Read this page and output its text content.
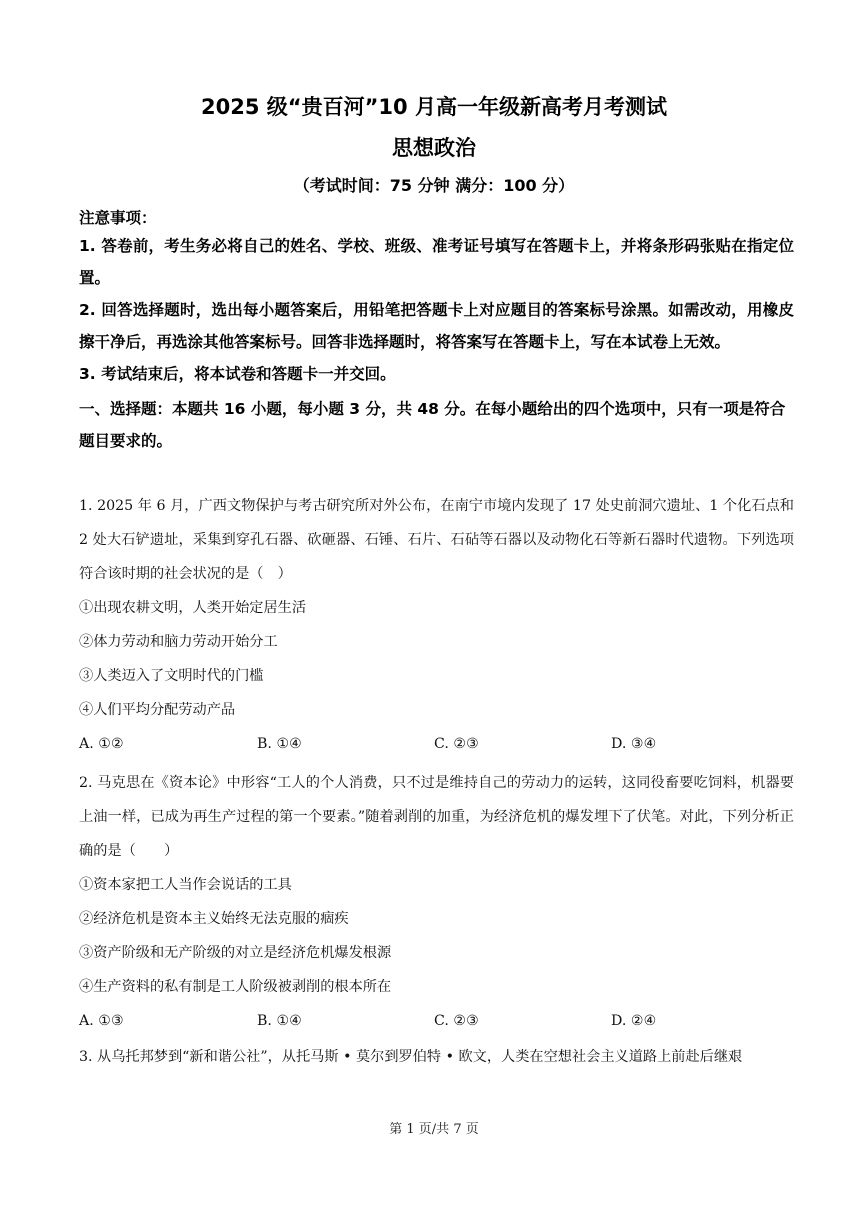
2025 级“贵百河”10 月高一年级新高考月考测试
思想政治
（考试时间：75 分钟 满分：100 分）
注意事项：

1. 答卷前，考生务必将自己的姓名、学校、班级、准考证号填写在答题卡上，并将条形码张贴在指定位置。

2. 回答选择题时，选出每小题答案后，用铅笔把答题卡上对应题目的答案标号涂黑。如需改动，用橡皮擦干净后，再选涂其他答案标号。回答非选择题时，将答案写在答题卡上，写在本试卷上无效。

3. 考试结束后，将本试卷和答题卡一并交回。

一、选择题：本题共 16 小题，每小题 3 分，共 48 分。在每小题给出的四个选项中，只有一项是符合题目要求的。

1. 2025 年 6 月，广西文物保护与考古研究所对外公布，在南宁市境内发现了 17 处史前洞穴遗址、1 个化石点和 2 处大石铲遗址，采集到穿孔石器、砍砸器、石锤、石片、石砧等石器以及动物化石等新石器时代遗物。下列选项符合该时期的社会状况的是（　）

①出现农耕文明，人类开始定居生活

②体力劳动和脑力劳动开始分工

③人类迈入了文明时代的门槛

④人们平均分配劳动产品

A. ①②	B. ①④	C. ②③	D. ③④

2. 马克思在《资本论》中形容“工人的个人消费，只不过是维持自己的劳动力的运转，这同役畜要吃饲料，机器要上油一样，已成为再生产过程的第一个要素。”随着剥削的加重，为经济危机的爆发埋下了伏笔。对此，下列分析正确的是（　　）

①资本家把工人当作会说话的工具

②经济危机是资本主义始终无法克服的痼疾

③资产阶级和无产阶级的对立是经济危机爆发根源

④生产资料的私有制是工人阶级被剥削的根本所在

A. ①③	B. ①④	C. ②③	D. ②④

3. 从乌托邦梦到“新和谐公社”，从托马斯 • 莫尔到罗伯特 • 欧文，人类在空想社会主义道路上前赴后继艰

第 1 页/共 7 页
